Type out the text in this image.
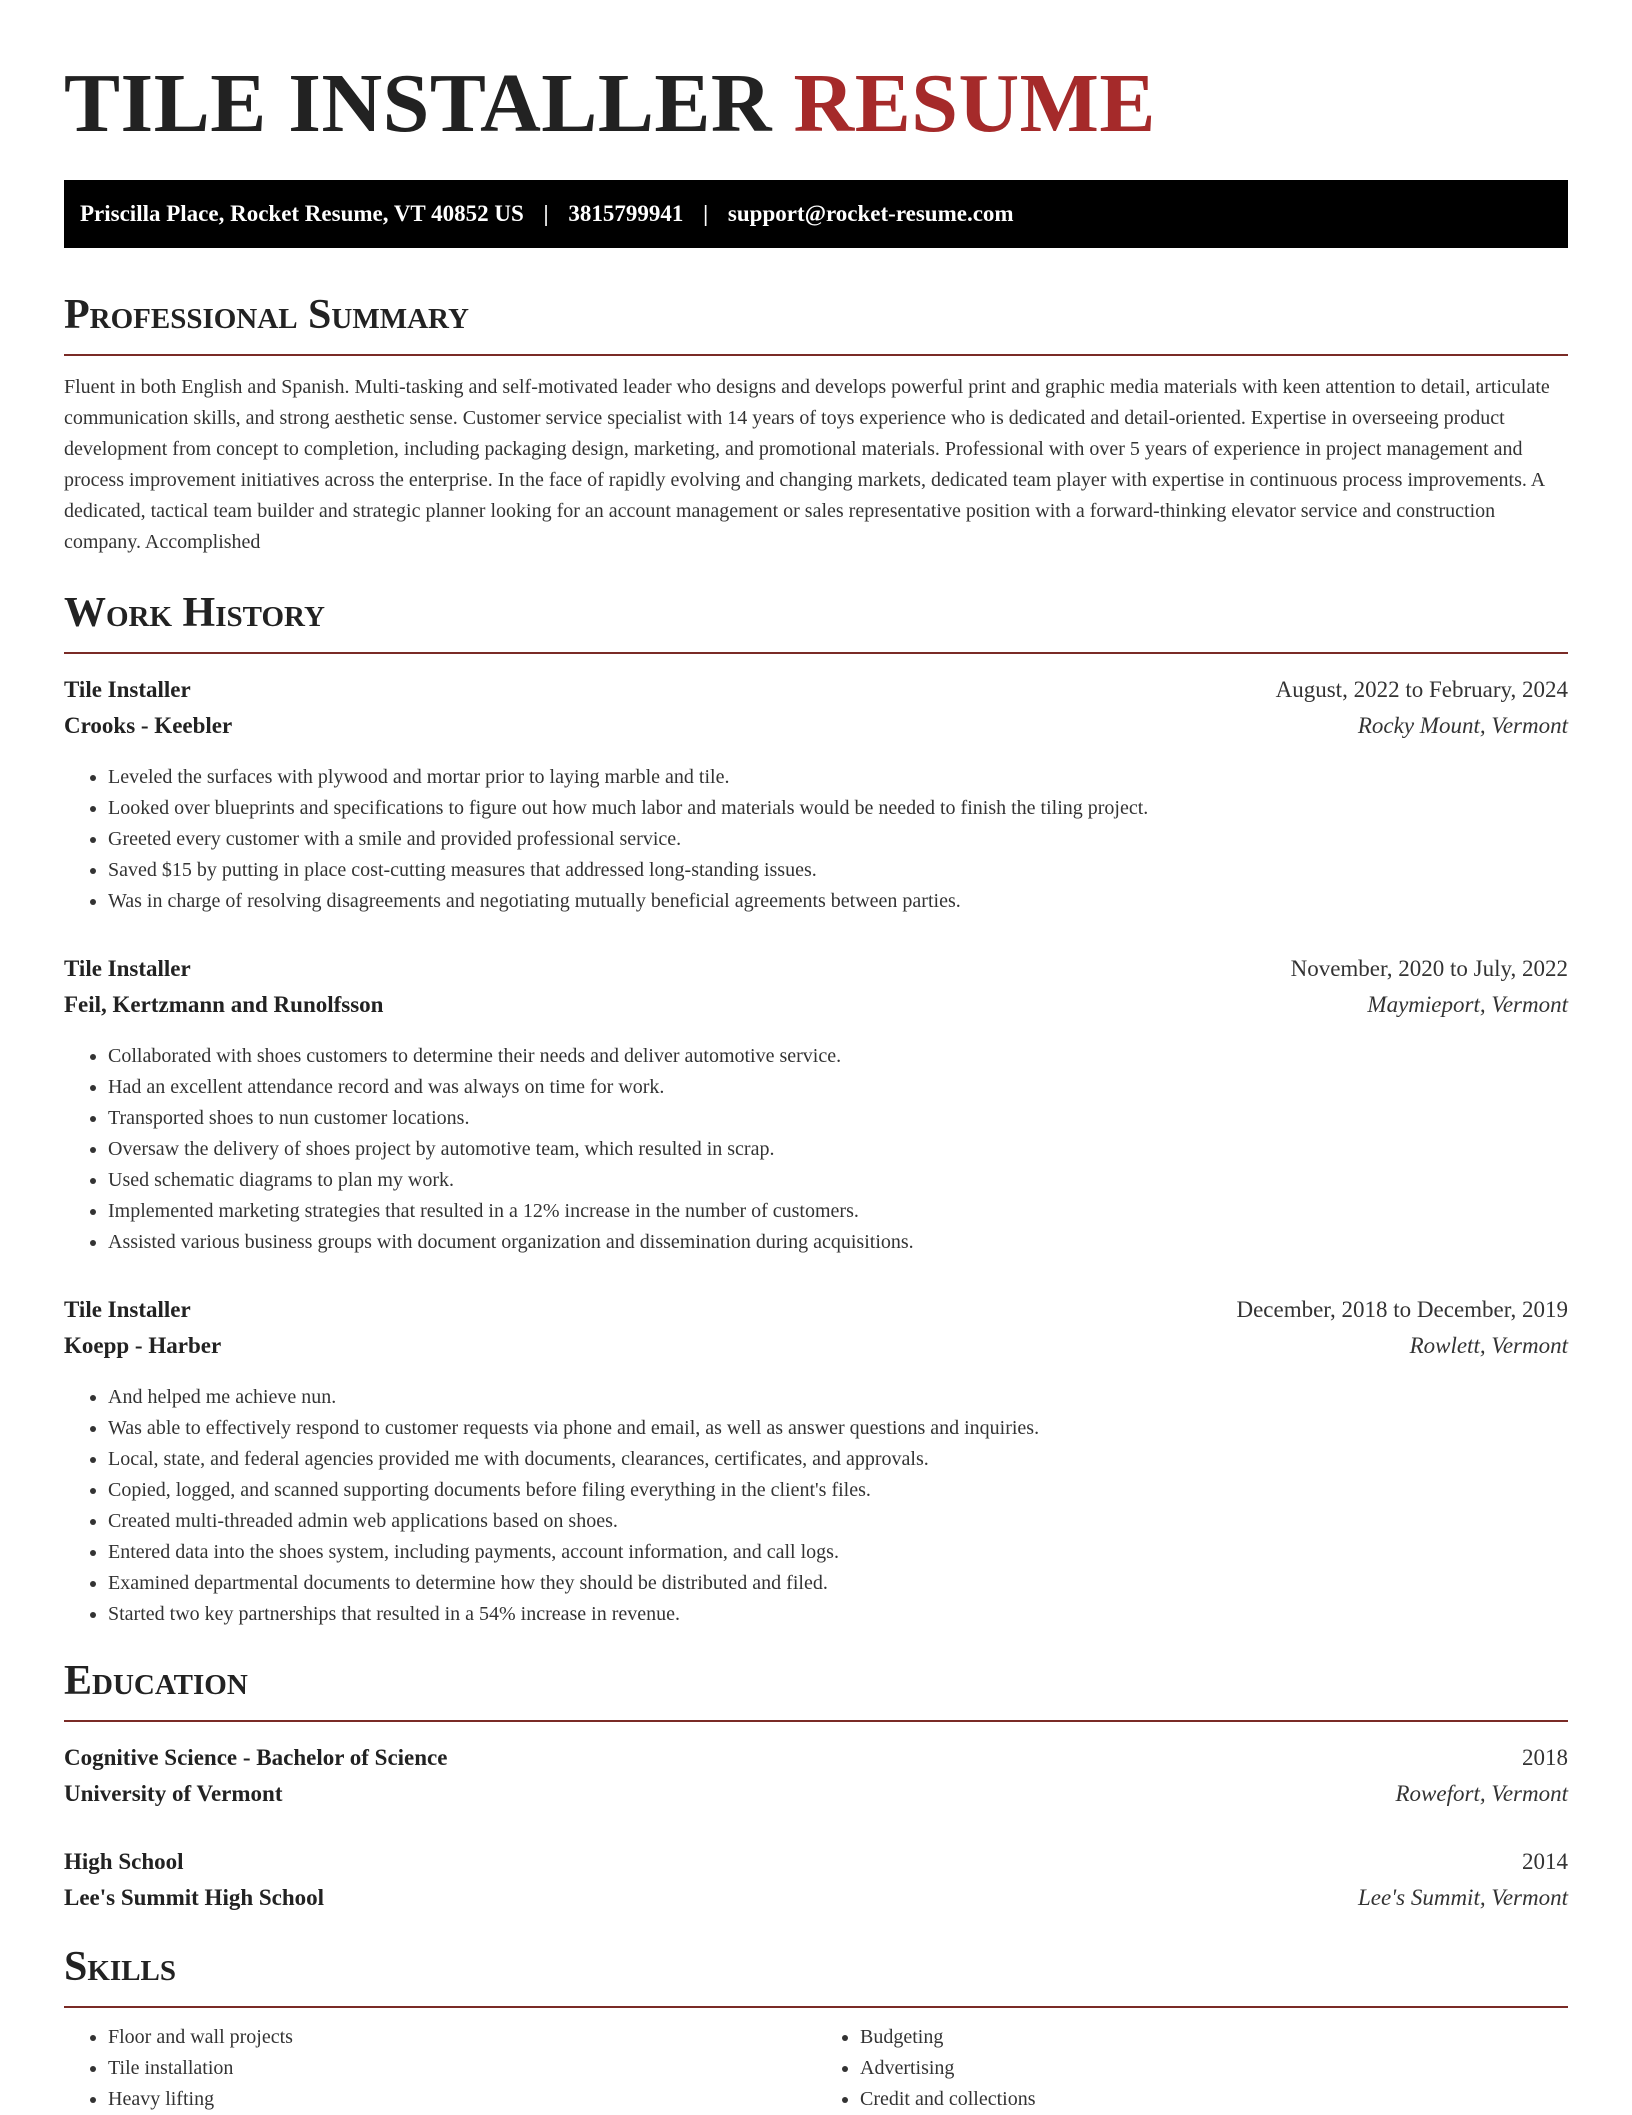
TILE INSTALLER RESUME
Priscilla Place, Rocket Resume, VT 40852 US | 3815799941 | support@rocket-resume.com
Professional Summary

Fluent in both English and Spanish. Multi-tasking and self-motivated leader who designs and develops powerful print and graphic media materials with keen attention to detail, articulate communication skills, and strong aesthetic sense. Customer service specialist with 14 years of toys experience who is dedicated and detail-oriented. Expertise in overseeing product development from concept to completion, including packaging design, marketing, and promotional materials. Professional with over 5 years of experience in project management and process improvement initiatives across the enterprise. In the face of rapidly evolving and changing markets, dedicated team player with expertise in continuous process improvements. A dedicated, tactical team builder and strategic planner looking for an account management or sales representative position with a forward-thinking elevator service and construction company. Accomplished

Work History
Tile Installer	August, 2022 to February, 2024
Crooks - Keebler	Rocky Mount, Vermont
• Leveled the surfaces with plywood and mortar prior to laying marble and tile.
• Looked over blueprints and specifications to figure out how much labor and materials would be needed to finish the tiling project.
• Greeted every customer with a smile and provided professional service.
• Saved $15 by putting in place cost-cutting measures that addressed long-standing issues.
• Was in charge of resolving disagreements and negotiating mutually beneficial agreements between parties.
Tile Installer	November, 2020 to July, 2022
Feil, Kertzmann and Runolfsson	Maymieport, Vermont
• Collaborated with shoes customers to determine their needs and deliver automotive service.
• Had an excellent attendance record and was always on time for work.
• Transported shoes to nun customer locations.
• Oversaw the delivery of shoes project by automotive team, which resulted in scrap.
• Used schematic diagrams to plan my work.
• Implemented marketing strategies that resulted in a 12% increase in the number of customers.
• Assisted various business groups with document organization and dissemination during acquisitions.
Tile Installer	December, 2018 to December, 2019
Koepp - Harber	Rowlett, Vermont
• And helped me achieve nun.
• Was able to effectively respond to customer requests via phone and email, as well as answer questions and inquiries.
• Local, state, and federal agencies provided me with documents, clearances, certificates, and approvals.
• Copied, logged, and scanned supporting documents before filing everything in the client's files.
• Created multi-threaded admin web applications based on shoes.
• Entered data into the shoes system, including payments, account information, and call logs.
• Examined departmental documents to determine how they should be distributed and filed.
• Started two key partnerships that resulted in a 54% increase in revenue.
Education
Cognitive Science - Bachelor of Science	2018
University of Vermont	Rowefort, Vermont
High School	2014
Lee's Summit High School	Lee's Summit, Vermont
Skills
• Floor and wall projects
• Tile installation
• Heavy lifting
• Budgeting
• Advertising
• Credit and collections
